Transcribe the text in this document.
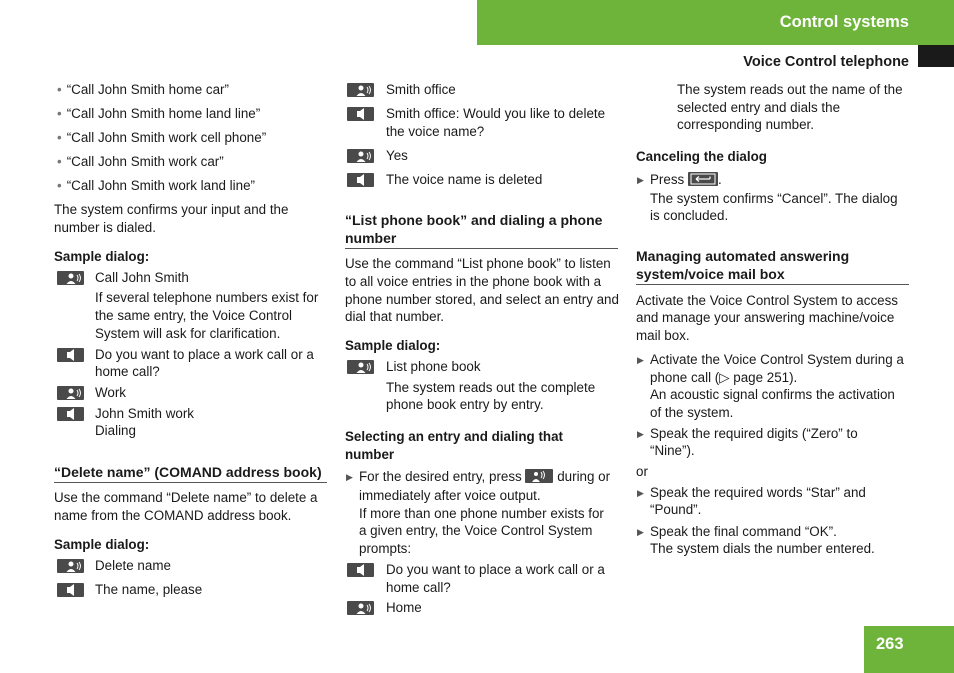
Control systems
Voice Control telephone
• “Call John Smith home car”
• “Call John Smith home land line”
• “Call John Smith work cell phone”
• “Call John Smith work car”
• “Call John Smith work land line”
The system confirms your input and the
number is dialed.
Sample dialog:
Call John Smith
If several telephone numbers exist for
the same entry, the Voice Control
System will ask for clarification.
Do you want to place a work call or a
home call?
Work
John Smith work
Dialing
“Delete name” (COMAND address book)
Use the command “Delete name” to delete a
name from the COMAND address book.
Sample dialog:
Delete name
The name, please
Smith office
Smith office: Would you like to delete
the voice name?
Yes
The voice name is deleted
“List phone book” and dialing a phone
number
Use the command “List phone book” to listen
to all voice entries in the phone book with a
phone number stored, and select an entry and
dial that number.
Sample dialog:
List phone book
The system reads out the complete
phone book entry by entry.
Selecting an entry and dialing that
number
▶ For the desired entry, press	during or
immediately after voice output.
If more than one phone number exists for
a given entry, the Voice Control System
prompts:
Do you want to place a work call or a
home call?
Home
The system reads out the name of the
selected entry and dials the
corresponding number.
Canceling the dialog
▶ Press	.
The system confirms “Cancel”. The dialog
is concluded.
Managing automated answering
system/voice mail box
Activate the Voice Control System to access
and manage your answering machine/voice
mail box.
▶ Activate the Voice Control System during a
phone call (▷ page 251).
An acoustic signal confirms the activation
of the system.
▶ Speak the required digits (“Zero” to
“Nine”).
or
▶ Speak the required words “Star” and
“Pound”.
▶ Speak the final command “OK”.
The system dials the number entered.
263
